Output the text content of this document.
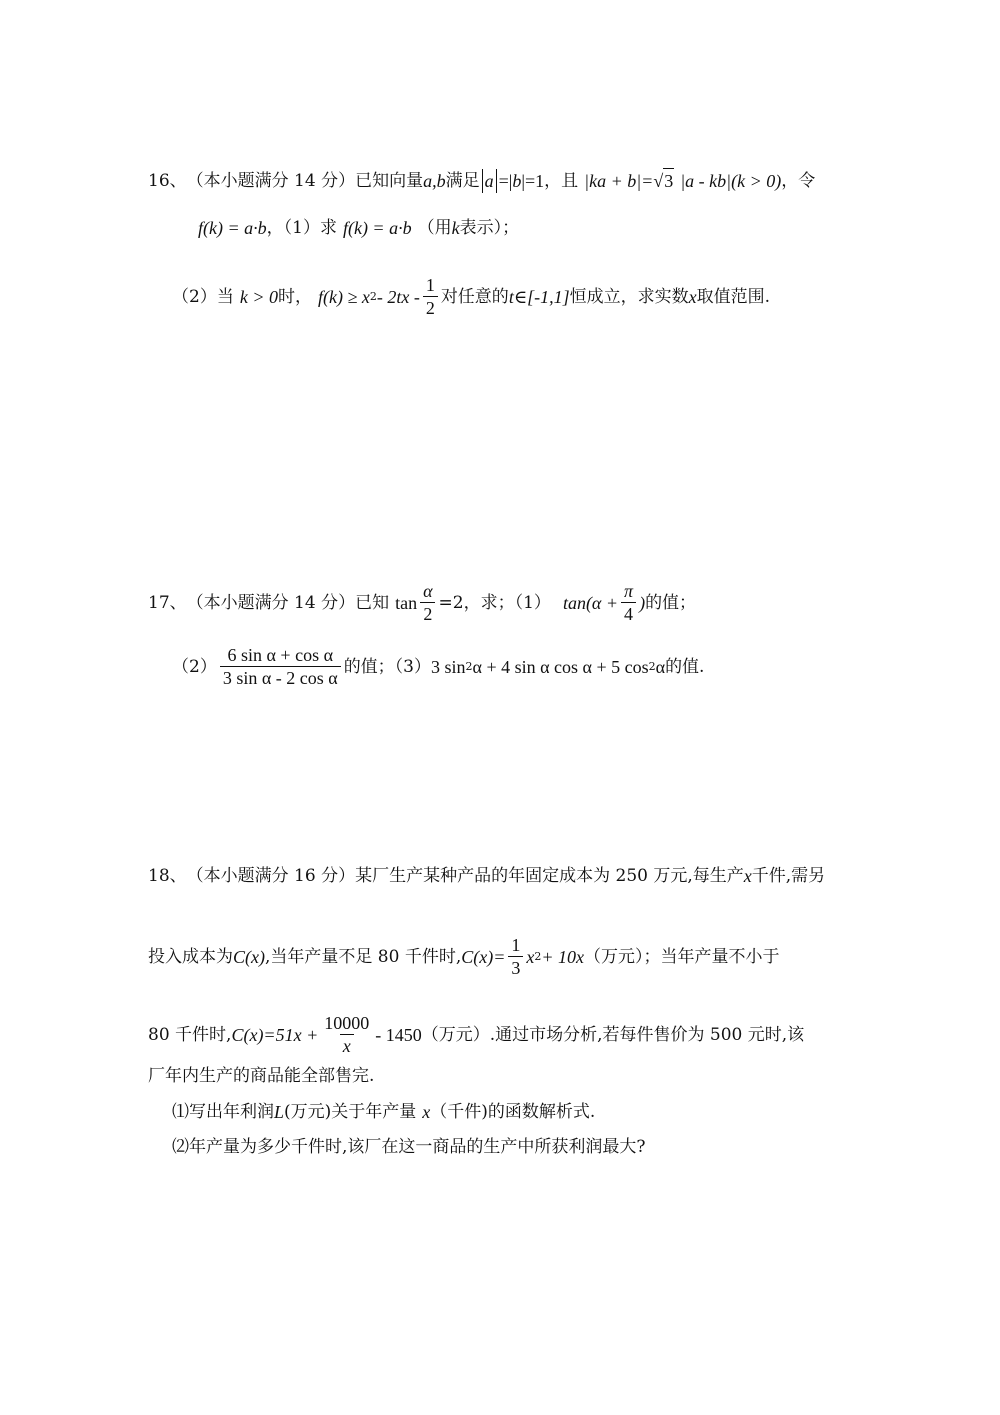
16、 （本小题满分 14 分） 已知向量 a,b 满足 a =| b |=1 ，且 |ka + b|= √ 3 |a - kb| (k > 0) ，令
f(k) = a·b ，（1）求 f(k) = a·b （用 k 表示）；
（2）当 k > 0 时， f(k) ≥ x $2 - 2tx - \frac{1}{2}$ 对任意的 t∈[-1,1] 恒成立，求实数 x 取值范围.
17、 （本小题满分 14 分） 已知 $\tan \frac{\alpha}{2} =2$，求；（1） $\tan(\alpha + \frac{\pi}{4}$ ) 的值；
$(2) \frac{\text{6 sin α + cos α}}{\text{3 sin α - 2 cos α}}$ 的值；（3） 3 sin 2 α + 4 sin α cos α + 5 cos 2 α 的值.
18、 （本小题满分 16 分） 某厂生产某种产品的年固定成本为 250 万元,每生产 x 千件,需另
投入成本为 C(x) ,当年产量不足 80 千件时, $C(x)= \frac{1}{3}$ x 2 + 10x （万元）；当年产量不小于
80 千件时, $C(x)=51x + \frac{10000}{x} - 1450$ （万元）.通过市场分析,若每件售价为 500 元时,该
厂年内生产的商品能全部售完.
⑴写出年利润 L (万元)关于年产量 x （千件)的函数解析式.
⑵年产量为多少千件时,该厂在这一商品的生产中所获利润最大?
